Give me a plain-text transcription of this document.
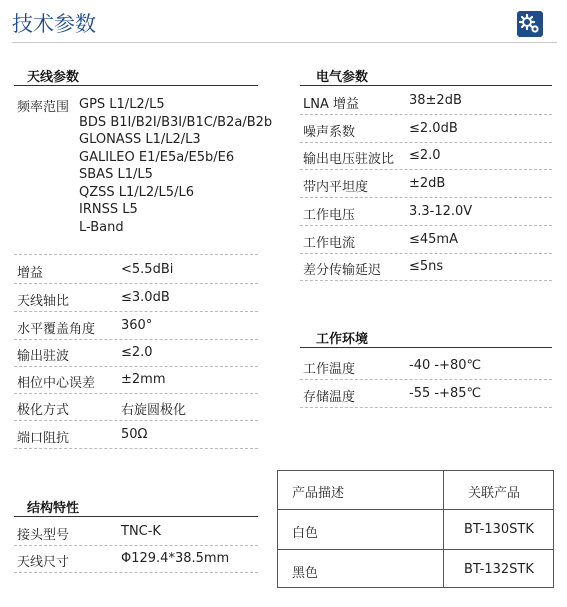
技术参数
天线参数
频率范围 GPS L1/L2/L5
BDS B1I/B2I/B3I/B1C/B2a/B2b
GLONASS L1/L2/L3
GALILEO E1/E5a/E5b/E6
SBAS L1/L5
QZSS L1/L2/L5/L6
IRNSS L5
L-Band
增益	<5.5dBi
天线轴比	≤3.0dB
水平覆盖角度 360°
输出驻波	≤2.0
相位中心误差 ±2mm
极化方式	右旋圆极化
端口阻抗	50Ω
电气参数
LNA 增益	38±2dB
噪声系数	≤2.0dB
输出电压驻波比 ≤2.0
带内平坦度	±2dB
工作电压	3.3-12.0V
工作电流	≤45mA
差分传输延迟 ≤5ns
工作环境
工作温度	-40 -+80℃
存储温度	-55 -+85℃
结构特性
接头型号	TNC-K
天线尺寸	Φ129.4*38.5mm
产品描述	关联产品
白色	BT-130STK
黑色	BT-132STK
